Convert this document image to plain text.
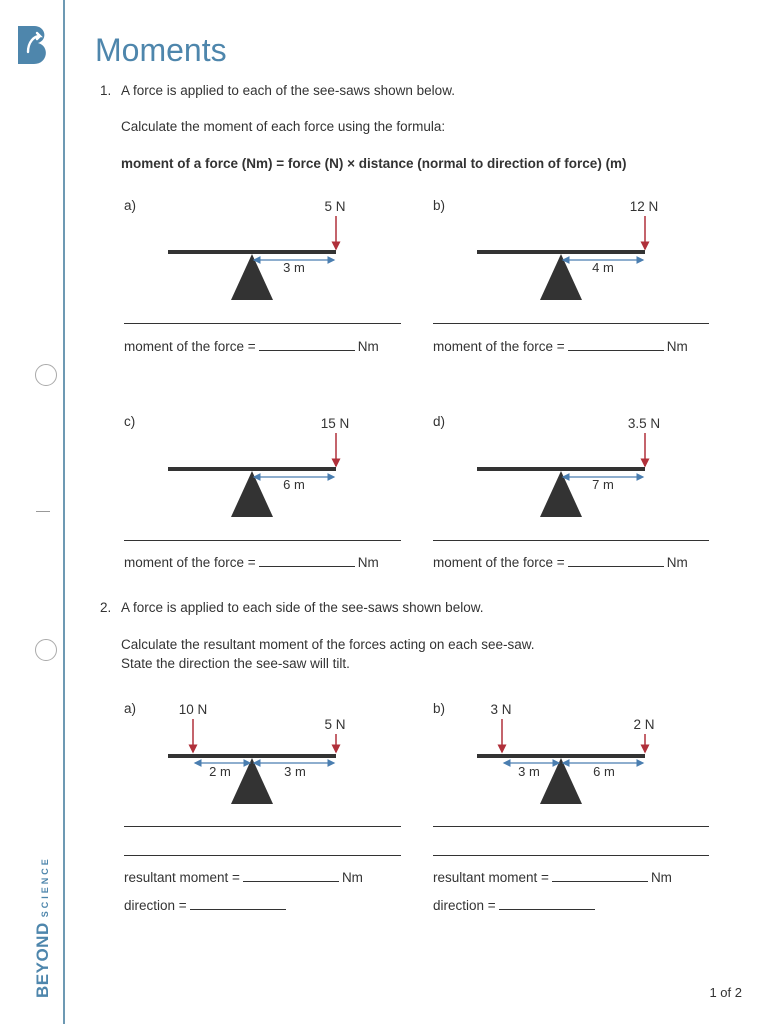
BEYONDSCIENCE
Moments
1. A force is applied to each of the see-saws shown below.
Calculate the moment of each force using the formula:
moment of a force (Nm) = force (N) × distance (normal to direction of force) (m)
a)	5 N
3 m
b)	12 N
4 m
c)	15 N
6 m
d)	3.5 N
7 m
a)	10 N
5 N
2 m	3 m
b)	3 N
2 N
3 m	6 m
moment of the force =	Nm	moment of the force =	Nm
moment of the force =	Nm	moment of the force =	Nm
2. A force is applied to each side of the see-saws shown below.
Calculate the resultant moment of the forces acting on each see-saw.
State the direction the see-saw will tilt.
resultant moment =	Nm	resultant moment =	Nm
direction =	direction =
1 of 2
